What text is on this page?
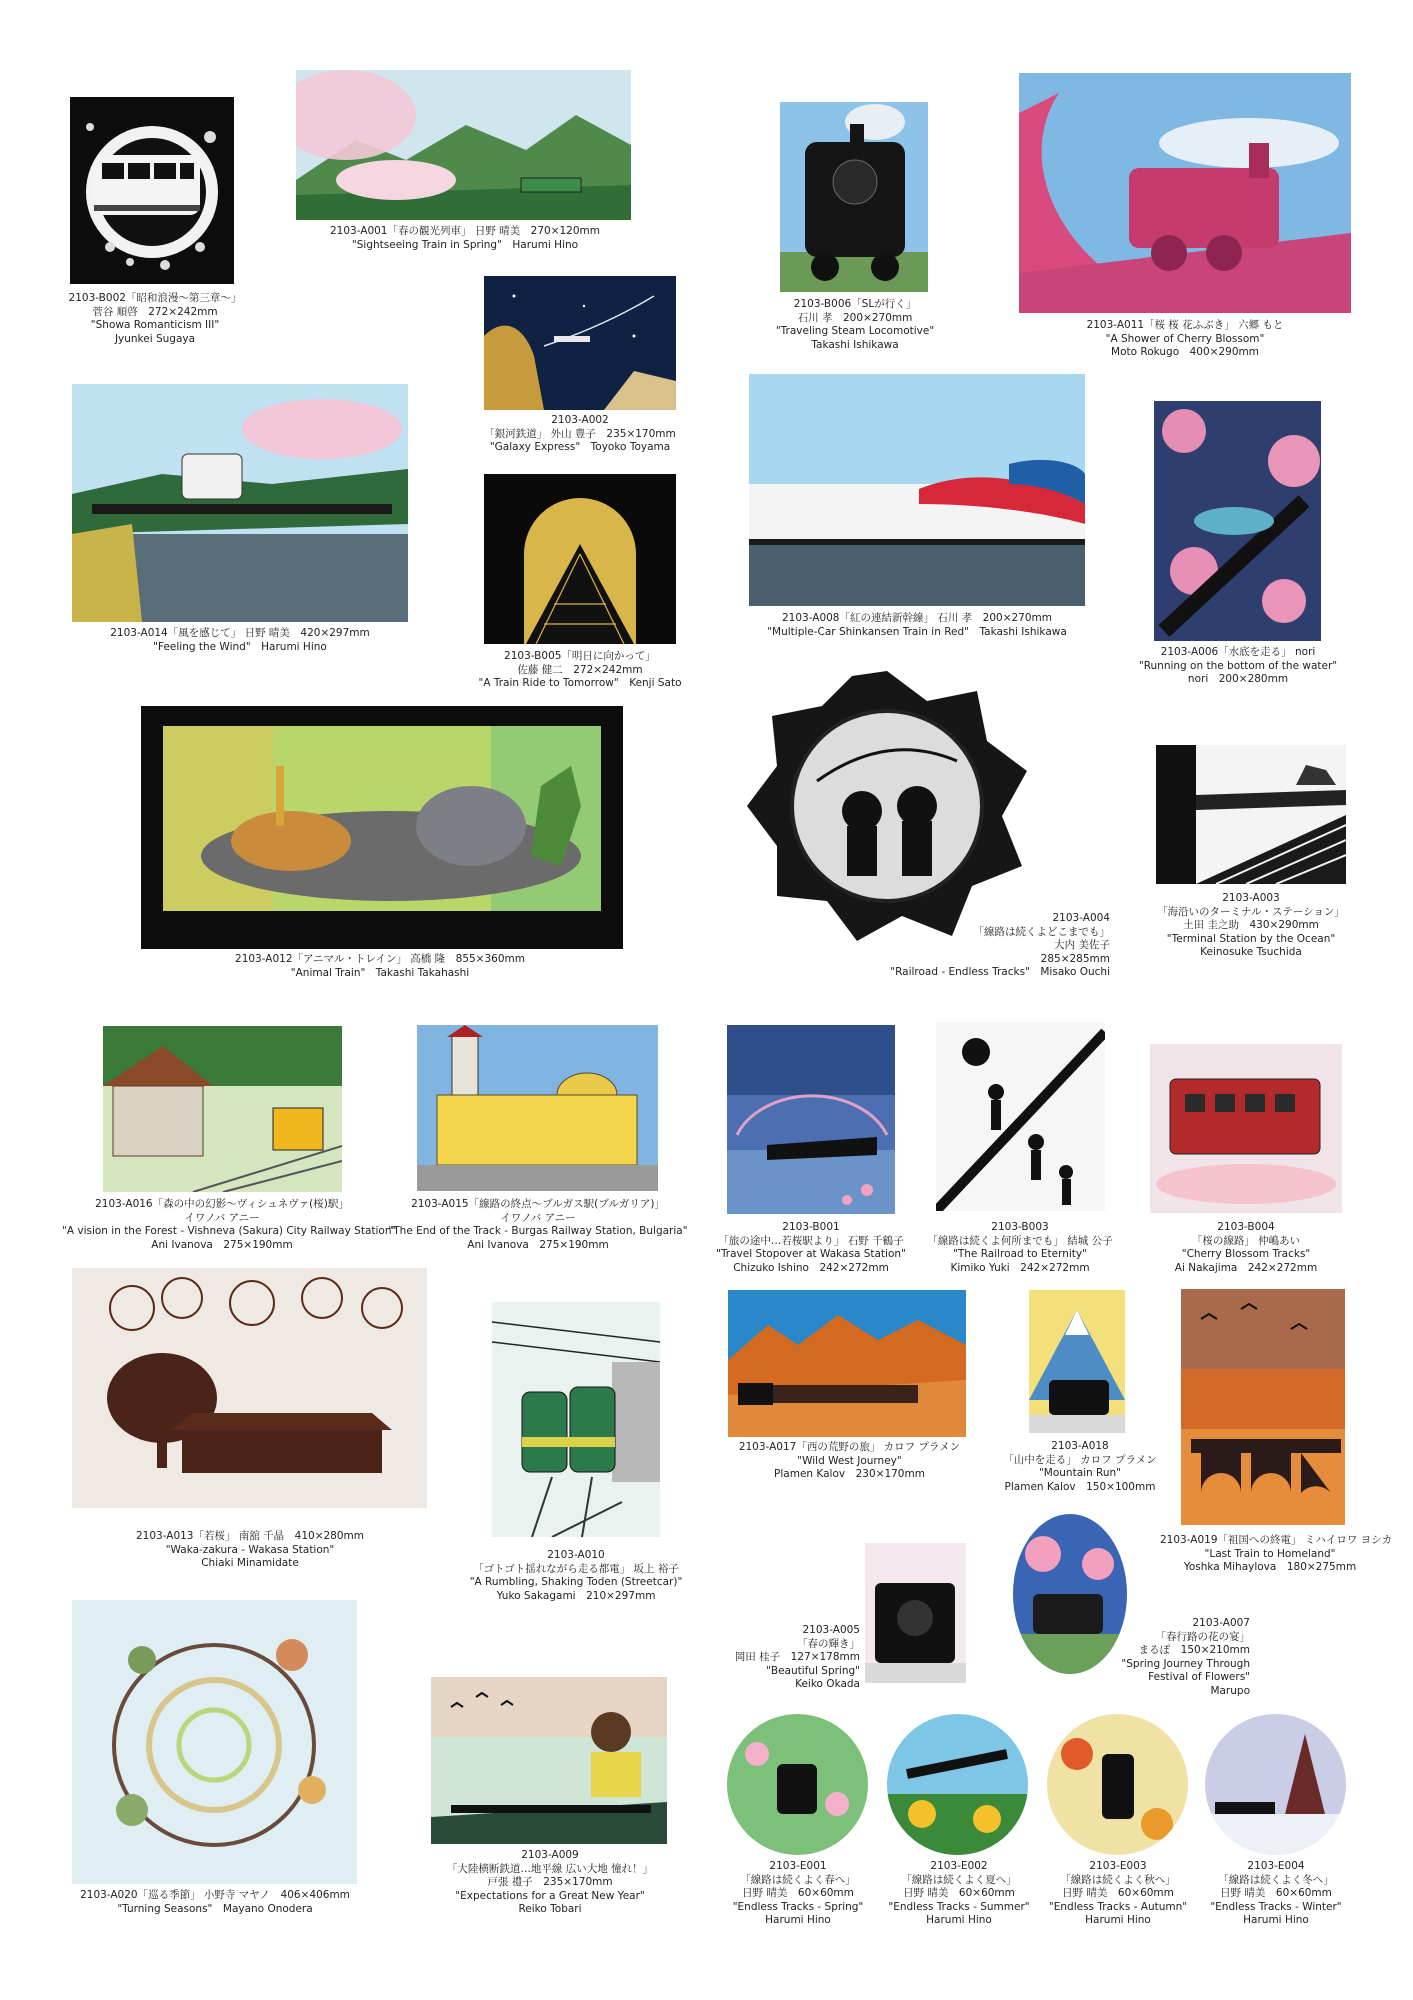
2103-B002「昭和浪漫〜第三章〜」
菅谷 順啓　272×242mm
"Showa Romanticism III"
Jyunkei Sugaya
2103-A001「春の観光列車」 日野 晴美　270×120mm
"Sightseeing Train in Spring"　Harumi Hino
2103-B006「SLが行く」
石川 孝　200×270mm
"Traveling Steam Locomotive"
Takashi Ishikawa
2103-A011「桜 桜 花ふぶき」 六郷 もと
"A Shower of Cherry Blossom"
Moto Rokugo　400×290mm
2103-A002
「銀河鉄道」 外山 豊子　235×170mm
"Galaxy Express"　Toyoko Toyama
2103-A014「風を感じて」 日野 晴美　420×297mm
"Feeling the Wind"　Harumi Hino
2103-B005「明日に向かって」
佐藤 健二　272×242mm
"A Train Ride to Tomorrow"　Kenji Sato
2103-A008「紅の連結新幹線」 石川 孝　200×270mm
"Multiple-Car Shinkansen Train in Red"　Takashi Ishikawa
2103-A006「水底を走る」 nori
"Running on the bottom of the water"
nori　200×280mm
2103-A012「アニマル・トレイン」 高橋 隆　855×360mm
"Animal Train"　Takashi Takahashi
2103-A004
「線路は続くよどこまでも」
大内 美佐子
285×285mm
"Railroad - Endless Tracks"　Misako Ouchi
2103-A003
「海沿いのターミナル・ステーション」
土田 圭之助　430×290mm
"Terminal Station by the Ocean"
Keinosuke Tsuchida
2103-A016「森の中の幻影〜ヴィシュネヴァ(桜)駅」
イワノバ アニー
"A vision in the Forest - Vishneva (Sakura) City Railway Station"
Ani Ivanova　275×190mm
2103-A015「線路の終点〜ブルガス駅(ブルガリア)」
イワノバ アニー
"The End of the Track - Burgas Railway Station, Bulgaria"
Ani Ivanova　275×190mm
2103-B001
「旅の途中…若桜駅より」 石野 千鶴子
"Travel Stopover at Wakasa Station"
Chizuko Ishino　242×272mm
2103-B003
「線路は続くよ何所までも」 結城 公子
"The Railroad to Eternity"
Kimiko Yuki　242×272mm
2103-B004
「桜の線路」 仲嶋あい
"Cherry Blossom Tracks"
Ai Nakajima　242×272mm
2103-A013「若桜」 南舘 千晶　410×280mm
"Waka-zakura - Wakasa Station"
Chiaki Minamidate
2103-A010
「ゴトゴト揺れながら走る都電」 坂上 裕子
"A Rumbling, Shaking Toden (Streetcar)"
Yuko Sakagami　210×297mm
2103-A017「西の荒野の旅」 カロフ プラメン
"Wild West Journey"
Plamen Kalov　230×170mm
2103-A018
「山中を走る」 カロフ プラメン
"Mountain Run"
Plamen Kalov　150×100mm
2103-A019「祖国への終電」 ミハイロワ ヨシカ
"Last Train to Homeland"
Yoshka Mihaylova　180×275mm
2103-A005
「春の輝き」
岡田 桂子　127×178mm
"Beautiful Spring"
Keiko Okada
2103-A007
「春行路の花の宴」
まるぽ　150×210mm
"Spring Journey Through
Festival of Flowers"
Marupo
2103-A020「巡る季節」 小野寺 マヤノ　406×406mm
"Turning Seasons"　Mayano Onodera
2103-A009
「大陸横断鉄道…地平線 広い大地 憧れ！」
戸張 禮子　235×170mm
"Expectations for a Great New Year"
Reiko Tobari
2103-E001
「線路は続くよく春へ」
日野 晴美　60×60mm
"Endless Tracks - Spring"
Harumi Hino
2103-E002
「線路は続くよく夏へ」
日野 晴美　60×60mm
"Endless Tracks - Summer"
Harumi Hino
2103-E003
「線路は続くよく秋へ」
日野 晴美　60×60mm
"Endless Tracks - Autumn"
Harumi Hino
2103-E004
「線路は続くよく冬へ」
日野 晴美　60×60mm
"Endless Tracks - Winter"
Harumi Hino
